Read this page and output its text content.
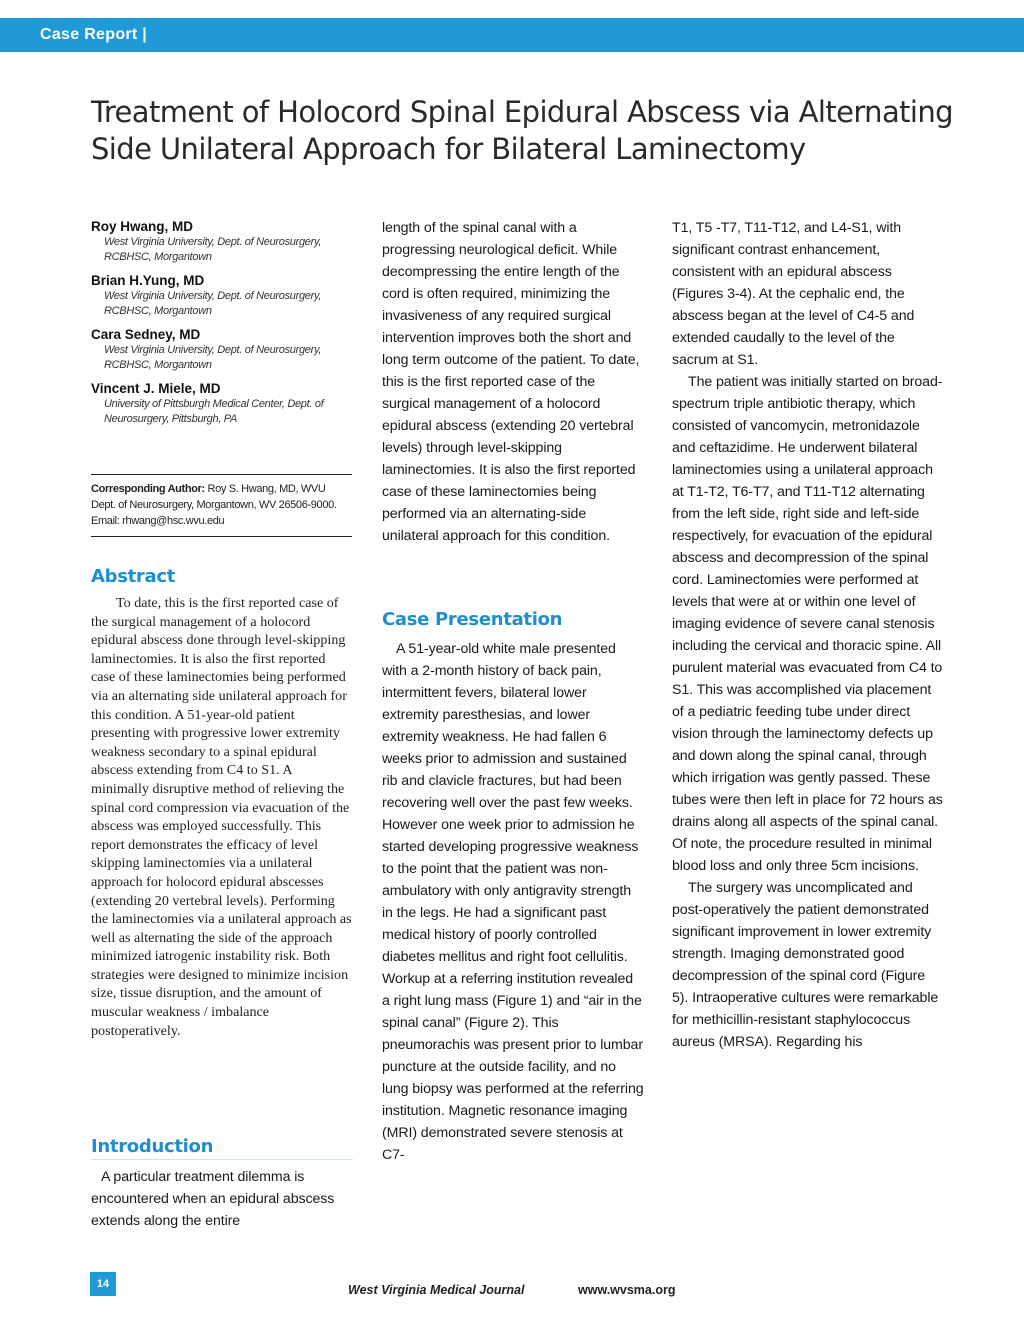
Case Report |
Treatment of Holocord Spinal Epidural Abscess via Alternating Side Unilateral Approach for Bilateral Laminectomy
Roy Hwang, MD
West Virginia University, Dept. of Neurosurgery, RCBHSC, Morgantown
Brian H.Yung, MD
West Virginia University, Dept. of Neurosurgery, RCBHSC, Morgantown
Cara Sedney, MD
West Virginia University, Dept. of Neurosurgery, RCBHSC, Morgantown
Vincent J. Miele, MD
University of Pittsburgh Medical Center, Dept. of Neurosurgery, Pittsburgh, PA
Corresponding Author: Roy S. Hwang, MD, WVU Dept. of Neurosurgery, Morgantown, WV 26506-9000. Email: rhwang@hsc.wvu.edu
Abstract

To date, this is the first reported case of the surgical management of a holocord epidural abscess done through level-skipping laminectomies. It is also the first reported case of these laminectomies being performed via an alternating side unilateral approach for this condition. A 51-year-old patient presenting with progressive lower extremity weakness secondary to a spinal epidural abscess extending from C4 to S1. A minimally disruptive method of relieving the spinal cord compression via evacuation of the abscess was employed successfully. This report demonstrates the efficacy of level skipping laminectomies via a unilateral approach for holocord epidural abscesses (extending 20 vertebral levels). Performing the laminectomies via a unilateral approach as well as alternating the side of the approach minimized iatrogenic instability risk. Both strategies were designed to minimize incision size, tissue disruption, and the amount of muscular weakness / imbalance postoperatively.

Introduction

A particular treatment dilemma is encountered when an epidural abscess extends along the entire

length of the spinal canal with a progressing neurological deficit. While decompressing the entire length of the cord is often required, minimizing the invasiveness of any required surgical intervention improves both the short and long term outcome of the patient. To date, this is the first reported case of the surgical management of a holocord epidural abscess (extending 20 vertebral levels) through level-skipping laminectomies. It is also the first reported case of these laminectomies being performed via an alternating-side unilateral approach for this condition.

Case Presentation

A 51-year-old white male presented with a 2-month history of back pain, intermittent fevers, bilateral lower extremity paresthesias, and lower extremity weakness. He had fallen 6 weeks prior to admission and sustained rib and clavicle fractures, but had been recovering well over the past few weeks. However one week prior to admission he started developing progressive weakness to the point that the patient was non-ambulatory with only antigravity strength in the legs. He had a significant past medical history of poorly controlled diabetes mellitus and right foot cellulitis. Workup at a referring institution revealed a right lung mass (Figure 1) and “air in the spinal canal” (Figure 2). This pneumorachis was present prior to lumbar puncture at the outside facility, and no lung biopsy was performed at the referring institution. Magnetic resonance imaging (MRI) demonstrated severe stenosis at C7-

T1, T5 -T7, T11-T12, and L4-S1, with significant contrast enhancement, consistent with an epidural abscess (Figures 3-4). At the cephalic end, the abscess began at the level of C4-5 and extended caudally to the level of the sacrum at S1.

The patient was initially started on broad-spectrum triple antibiotic therapy, which consisted of vancomycin, metronidazole and ceftazidime. He underwent bilateral laminectomies using a unilateral approach at T1-T2, T6-T7, and T11-T12 alternating from the left side, right side and left-side respectively, for evacuation of the epidural abscess and decompression of the spinal cord. Laminectomies were performed at levels that were at or within one level of imaging evidence of severe canal stenosis including the cervical and thoracic spine. All purulent material was evacuated from C4 to S1. This was accomplished via placement of a pediatric feeding tube under direct vision through the laminectomy defects up and down along the spinal canal, through which irrigation was gently passed. These tubes were then left in place for 72 hours as drains along all aspects of the spinal canal. Of note, the procedure resulted in minimal blood loss and only three 5cm incisions.

The surgery was uncomplicated and post-operatively the patient demonstrated significant improvement in lower extremity strength. Imaging demonstrated good decompression of the spinal cord (Figure 5). Intraoperative cultures were remarkable for methicillin-resistant staphylococcus aureus (MRSA). Regarding his

14	West Virginia Medical Journal	www.wvsma.org
